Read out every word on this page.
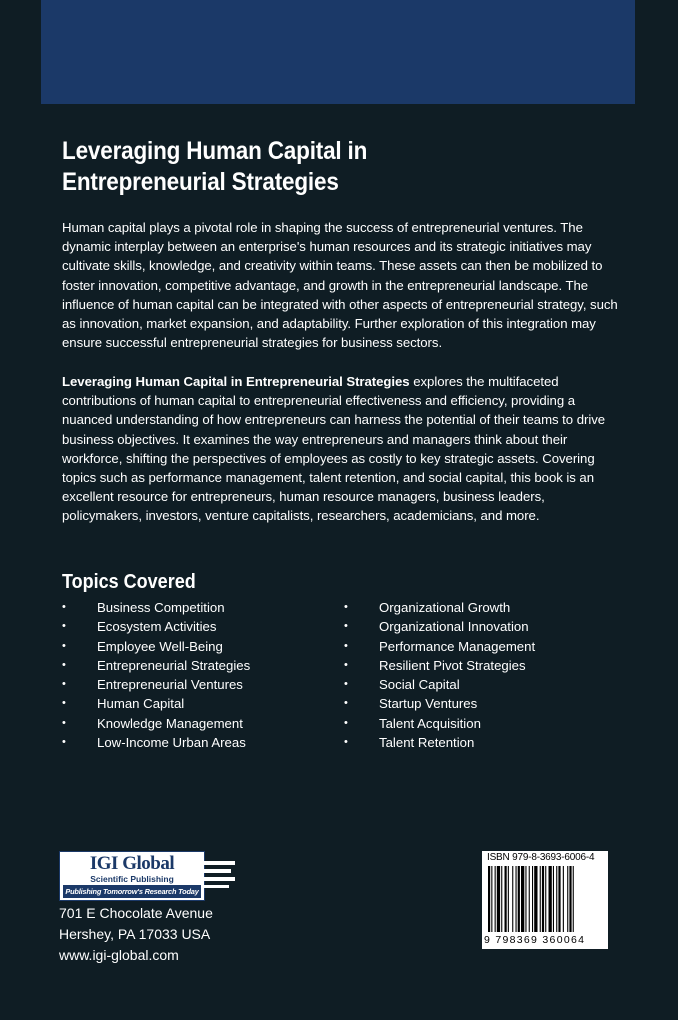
Leveraging Human Capital in
Entrepreneurial Strategies

Human capital plays a pivotal role in shaping the success of entrepreneurial ventures. The dynamic interplay between an enterprise's human resources and its strategic initiatives may cultivate skills, knowledge, and creativity within teams. These assets can then be mobilized to foster innovation, competitive advantage, and growth in the entrepreneurial landscape. The influence of human capital can be integrated with other aspects of entrepreneurial strategy, such as innovation, market expansion, and adaptability. Further exploration of this integration may ensure successful entrepreneurial strategies for business sectors.

Leveraging Human Capital in Entrepreneurial Strategies explores the multifaceted contributions of human capital to entrepreneurial effectiveness and efficiency, providing a nuanced understanding of how entrepreneurs can harness the potential of their teams to drive business objectives. It examines the way entrepreneurs and managers think about their workforce, shifting the perspectives of employees as costly to key strategic assets. Covering topics such as performance management, talent retention, and social capital, this book is an excellent resource for entrepreneurs, human resource managers, business leaders, policymakers, investors, venture capitalists, researchers, academicians, and more.

Topics Covered
• Business Competition
• Ecosystem Activities
• Employee Well-Being
• Entrepreneurial Strategies
• Entrepreneurial Ventures
• Human Capital
• Knowledge Management
• Low-Income Urban Areas
• Organizational Growth
• Organizational Innovation
• Performance Management
• Resilient Pivot Strategies
• Social Capital
• Startup Ventures
• Talent Acquisition
• Talent Retention
IGI Global
Scientific Publishing
Publishing Tomorrow's Research Today
701 E Chocolate Avenue
Hershey, PA 17033 USA
www.igi-global.com
ISBN 979-8-3693-6006-4
9 798369 360064
